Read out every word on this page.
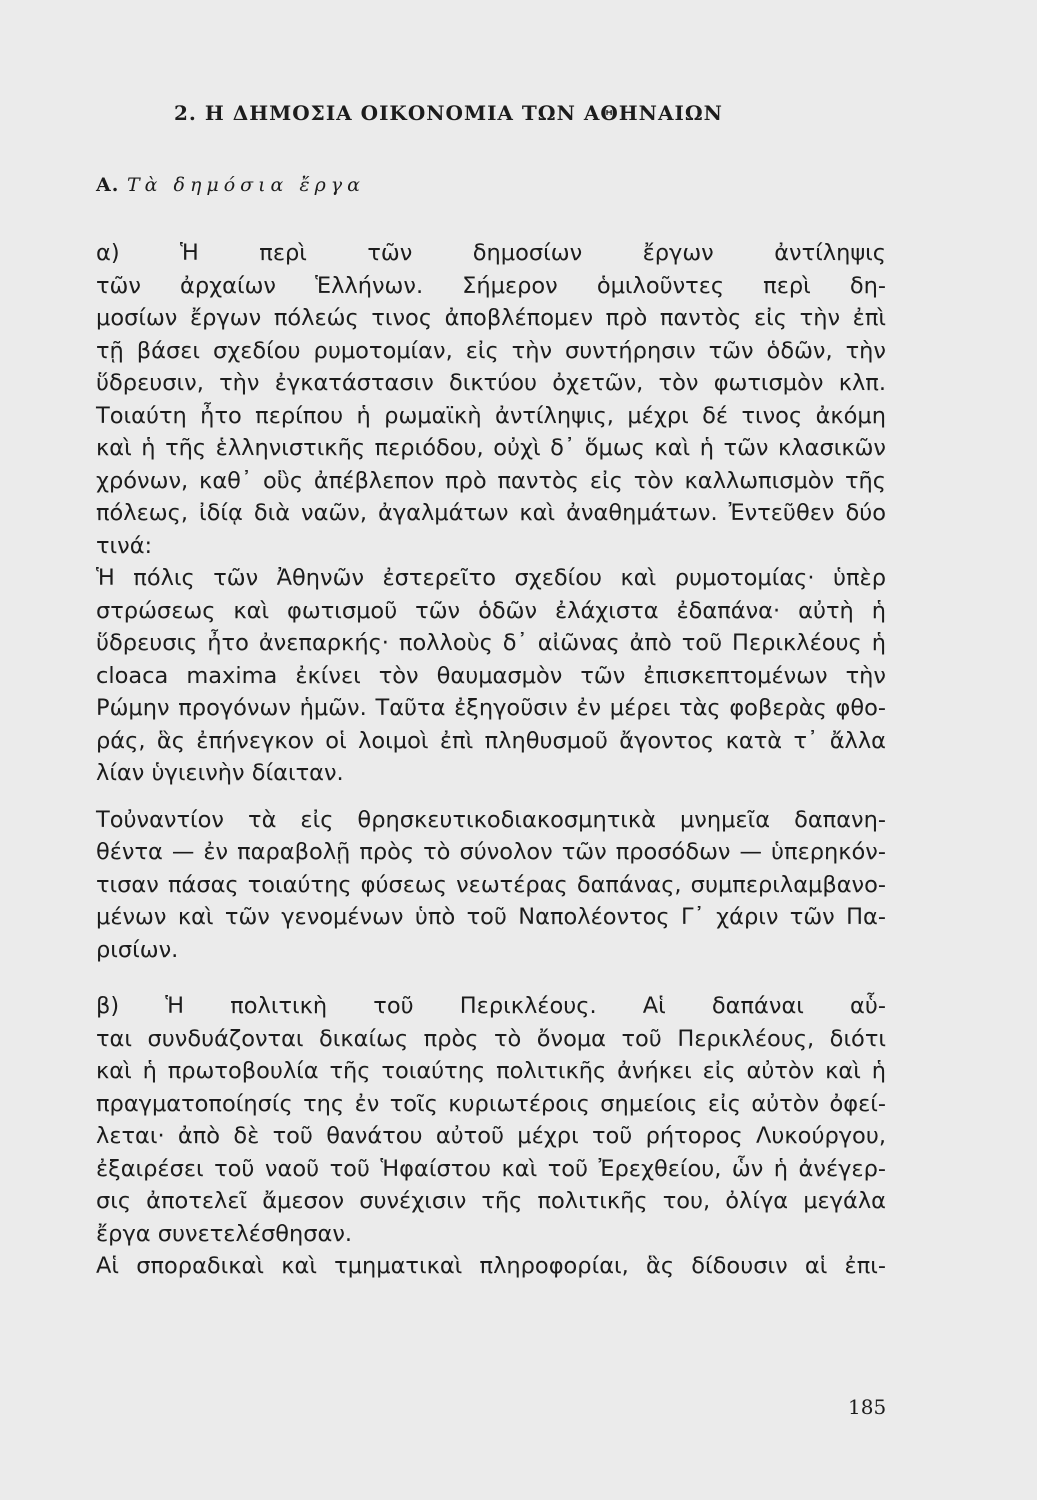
2. Η ΔΗΜΟΣΙΑ ΟΙΚΟΝΟΜΙΑ ΤΩΝ ΑΘΗΝΑΙΩΝ
Α. Τὰ δημόσια ἔργα
α) Ἡ περὶ τῶν δημοσίων ἔργων ἀντίληψις
τῶν ἀρχαίων Ἑλλήνων. Σήμερον ὁμιλοῦντες περὶ δη-
μοσίων ἔργων πόλεώς τινος ἀποβλέπομεν πρὸ παντὸς εἰς τὴν ἐπὶ
τῇ βάσει σχεδίου ρυμοτομίαν, εἰς τὴν συντήρησιν τῶν ὁδῶν, τὴν
ὕδρευσιν, τὴν ἐγκατάστασιν δικτύου ὀχετῶν, τὸν φωτισμὸν κλπ.
Τοιαύτη ἦτο περίπου ἡ ρωμαϊκὴ ἀντίληψις, μέχρι δέ τινος ἀκόμη
καὶ ἡ τῆς ἑλληνιστικῆς περιόδου, οὐχὶ δ᾽ ὅμως καὶ ἡ τῶν κλασικῶν
χρόνων, καθ᾽ οὓς ἀπέβλεπον πρὸ παντὸς εἰς τὸν καλλωπισμὸν τῆς
πόλεως, ἰδίᾳ διὰ ναῶν, ἀγαλμάτων καὶ ἀναθημάτων. Ἐντεῦθεν δύο
τινά:
Ἡ πόλις τῶν Ἀθηνῶν ἐστερεῖτο σχεδίου καὶ ρυμοτομίας· ὑπὲρ
στρώσεως καὶ φωτισμοῦ τῶν ὁδῶν ἐλάχιστα ἐδαπάνα· αὐτὴ ἡ
ὕδρευσις ἦτο ἀνεπαρκής· πολλοὺς δ᾽ αἰῶνας ἀπὸ τοῦ Περικλέους ἡ
cloaca maxima ἐκίνει τὸν θαυμασμὸν τῶν ἐπισκεπτομένων τὴν
Ρώμην προγόνων ἡμῶν. Ταῦτα ἐξηγοῦσιν ἐν μέρει τὰς φοβερὰς φθο-
ράς, ἃς ἐπήνεγκον οἱ λοιμοὶ ἐπὶ πληθυσμοῦ ἄγοντος κατὰ τ᾽ ἄλλα
λίαν ὑγιεινὴν δίαιταν.
Τοὐναντίον τὰ εἰς θρησκευτικοδιακοσμητικὰ μνημεῖα δαπανη-
θέντα — ἐν παραβολῇ πρὸς τὸ σύνολον τῶν προσόδων — ὑπερηκόν-
τισαν πάσας τοιαύτης φύσεως νεωτέρας δαπάνας, συμπεριλαμβανο-
μένων καὶ τῶν γενομένων ὑπὸ τοῦ Ναπολέοντος Γ᾽ χάριν τῶν Πα-
ρισίων.
β) Ἡ πολιτικὴ τοῦ Περικλέους. Αἱ δαπάναι αὗ-
ται συνδυάζονται δικαίως πρὸς τὸ ὄνομα τοῦ Περικλέους, διότι
καὶ ἡ πρωτοβουλία τῆς τοιαύτης πολιτικῆς ἀνήκει εἰς αὐτὸν καὶ ἡ
πραγματοποίησίς της ἐν τοῖς κυριωτέροις σημείοις εἰς αὐτὸν ὀφεί-
λεται· ἀπὸ δὲ τοῦ θανάτου αὐτοῦ μέχρι τοῦ ρήτορος Λυκούργου,
ἐξαιρέσει τοῦ ναοῦ τοῦ Ἡφαίστου καὶ τοῦ Ἐρεχθείου, ὧν ἡ ἀνέγερ-
σις ἀποτελεῖ ἄμεσον συνέχισιν τῆς πολιτικῆς του, ὀλίγα μεγάλα
ἔργα συνετελέσθησαν.
Αἱ σποραδικαὶ καὶ τμηματικαὶ πληροφορίαι, ἃς δίδουσιν αἱ ἐπι-
185
